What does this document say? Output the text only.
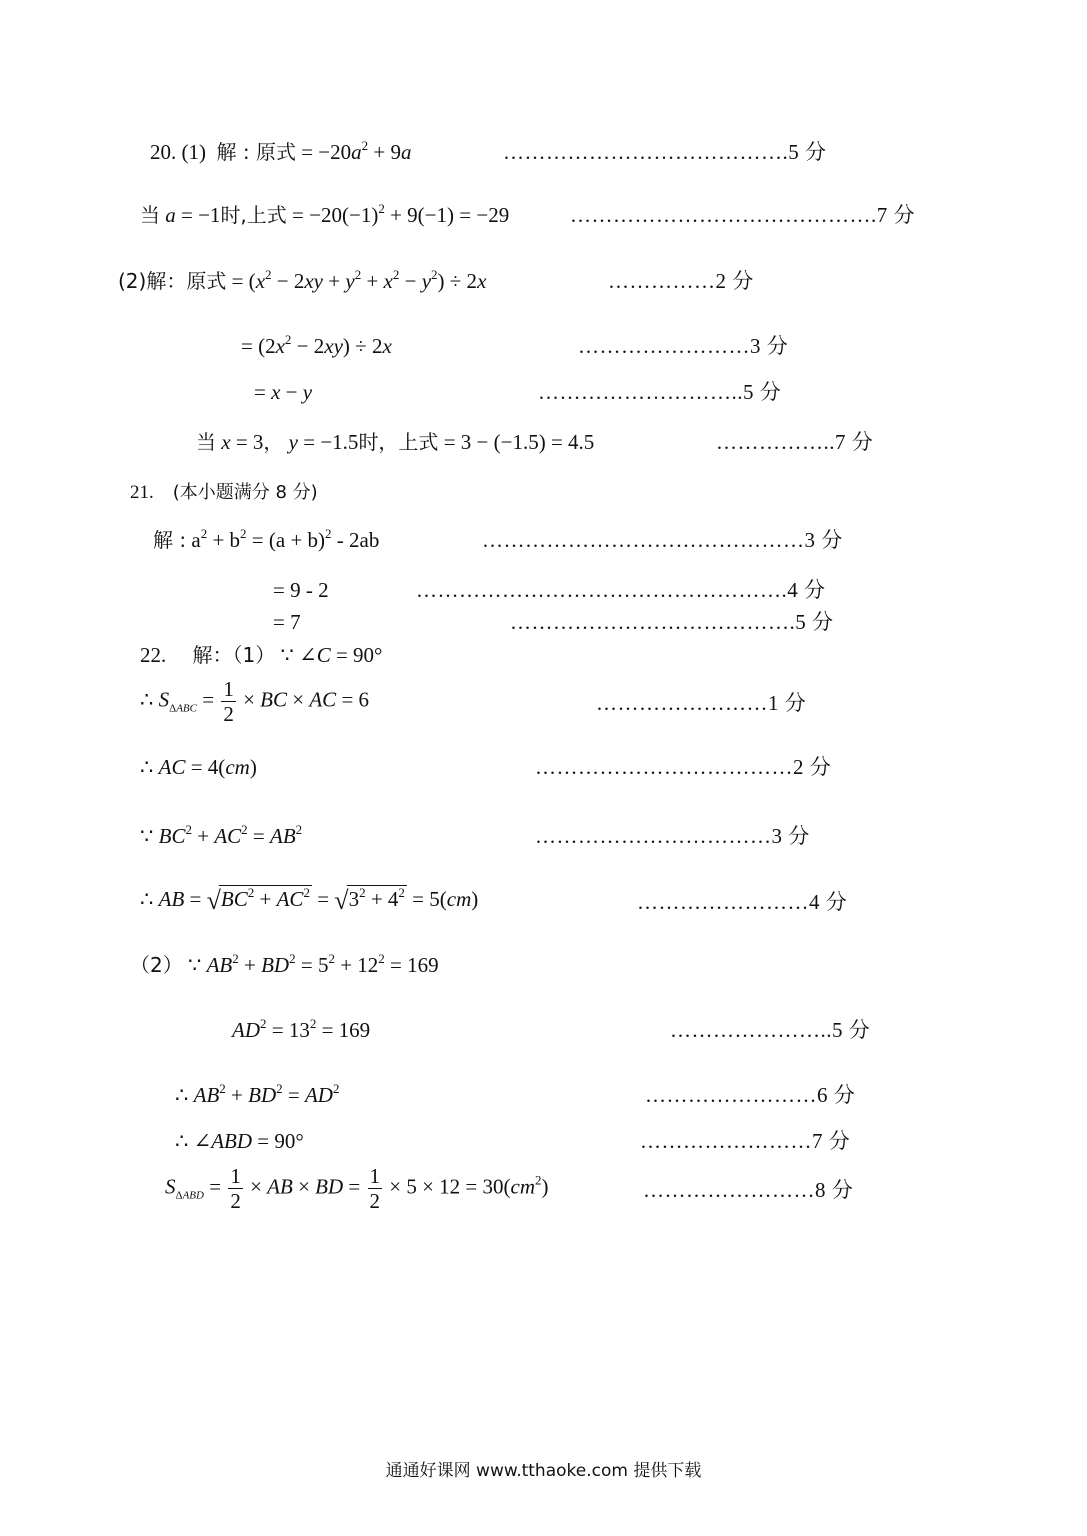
20. (1) 解 : 原式 = $-20a^2 + 9a$	………………………………….5 分
当 a = −1时,上式 = $-20(-1)^2 + 9(-1) = -29$	…………………………………….7 分
(2)解：原式 = $(x^2 - 2xy + y^2 + x^2 - y^2) \div 2x$	……………2 分
= $(2x^2 - 2xy) \div 2x$	……………………3 分
= x − y	………………………..5 分
当 x = 3， y = −1.5时，上式 = 3 − (−1.5) = 4.5	……………..7 分
21. (本小题满分 8 分)
解 : $a^2 + b^2 = (a + b)^2 - 2ab$	………………………………………3 分
= 9 - 2	…………………………………………….4 分
= 7	………………………………….5 分
22. 解：（1） ∵ ∠C = 90°
∴ $S_{\Delta ABC} = \frac{1}{2}$ × BC × AC = 6	……………………1 分
∴ AC = 4(cm)	………………………………2 分
∵ $BC^2 + AC^2 = AB^2$	……………………………3 分
∴ AB = $√BC^2 + AC^2 = √3^2 + 4^2 = 5(cm)$	……………………4 分
（2） ∵ $AB^2 + BD^2 = 5^2 + 12^2 = 169$
$AD^2 = 13^2 = 169$	…………………..5 分
∴ $AB^2 + BD^2 = AD^2$	……………………6 分
∴ ∠ABD = 90°	……………………7 分
$S_{\Delta ABD} = \frac{1}{2}$ × AB × BD = $\frac{1}{2} \times 5 \times 12 = 30(cm^2)$	……………………8 分
通通好课网 www.tthaoke.com 提供下载
